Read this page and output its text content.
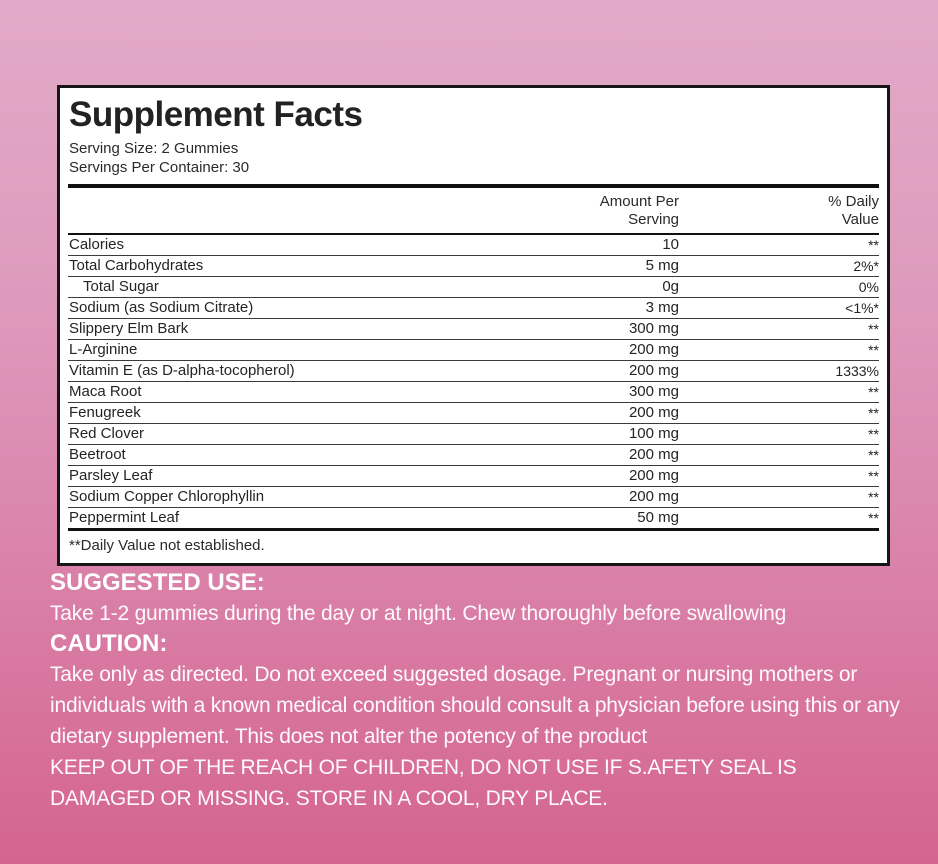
Supplement Facts
Serving Size: 2 Gummies
Servings Per Container: 30
Amount Per
Serving
% Daily
Value
Calories	10	**
Total Carbohydrates	5 mg	2%*
Total Sugar	0g	0%
Sodium (as Sodium Citrate)	3 mg	<1%*
Slippery Elm Bark	300 mg	**
L-Arginine	200 mg	**
Vitamin E (as D-alpha-tocopherol)	200 mg	1333%
Maca Root	300 mg	**
Fenugreek	200 mg	**
Red Clover	100 mg	**
Beetroot	200 mg	**
Parsley Leaf	200 mg	**
Sodium Copper Chlorophyllin	200 mg	**
Peppermint Leaf	50 mg	**
**Daily Value not established.
SUGGESTED USE:
Take 1-2 gummies during the day or at night. Chew thoroughly before swallowing
CAUTION:
Take only as directed. Do not exceed suggested dosage. Pregnant or nursing mothers or individuals with a known medical condition should consult a physician before using this or any dietary supplement. This does not alter the potency of the product
KEEP OUT OF THE REACH OF CHILDREN, DO NOT USE IF S.AFETY SEAL IS DAMAGED OR MISSING. STORE IN A COOL, DRY PLACE.
